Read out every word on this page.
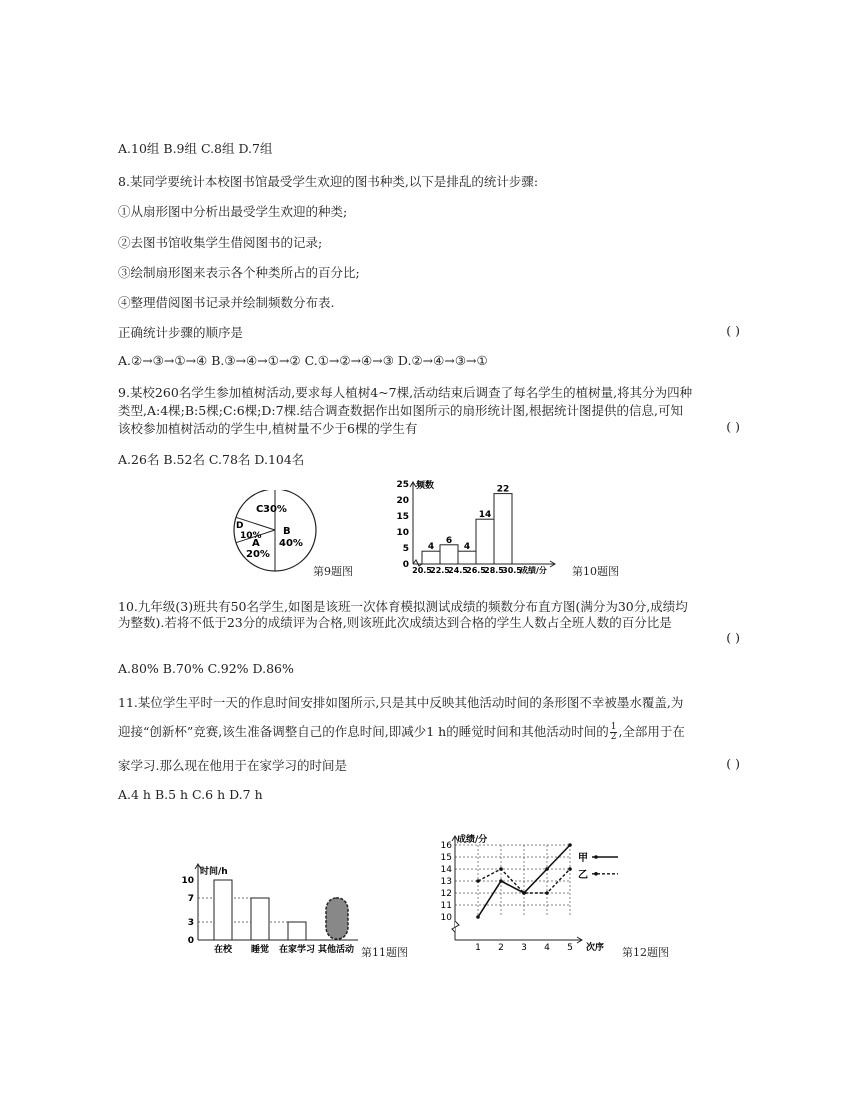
A.10组 B.9组 C.8组 D.7组
8.某同学要统计本校图书馆最受学生欢迎的图书种类,以下是排乱的统计步骤:
①从扇形图中分析出最受学生欢迎的种类;
②去图书馆收集学生借阅图书的记录;
③绘制扇形图来表示各个种类所占的百分比;
④整理借阅图书记录并绘制频数分布表.
正确统计步骤的顺序是	( )
A.②→③→①→④ B.③→④→①→② C.①→②→④→③ D.②→④→③→①
9.某校260名学生参加植树活动,要求每人植树4~7棵,活动结束后调查了每名学生的植树量,将其分为四种
类型,A:4棵;B:5棵;C:6棵;D:7棵.结合调查数据作出如图所示的扇形统计图,根据统计图提供的信息,可知
该校参加植树活动的学生中,植树量不少于6棵的学生有	( )
A.26名 B.52名 C.78名 D.104名
C 30%
B
40%
A
20%
D
10%
第9题图
频数
25
20
15
10
5
0
4
6
4
14
22
20.5
22.5
24.5
26.5
28.5
30.5
成绩/分 第10题图
10.九年级(3)班共有50名学生,如图是该班一次体育模拟测试成绩的频数分布直方图(满分为30分,成绩均
为整数).若将不低于23分的成绩评为合格,则该班此次成绩达到合格的学生人数占全班人数的百分比是
( )
A.80% B.70% C.92% D.86%
11.某位学生平时一天的作息时间安排如图所示,只是其中反映其他活动时间的条形图不幸被墨水覆盖,为
迎接“创新杯”竞赛,该生准备调整自己的作息时间,即减少1 h的睡觉时间和其他活动时间的 $\frac{1}{2}$ ,全部用于在
家学习.那么现在他用于在家学习的时间是	( )
A.4 h B.5 h C.6 h D.7 h
时间/h
10
7
3
0
在校 睡觉 在家学习 其他活动 第11题图
成绩/分
16
15
14
13
12
11
10
1 2 3 4 5 次序
甲
乙
第12题图
